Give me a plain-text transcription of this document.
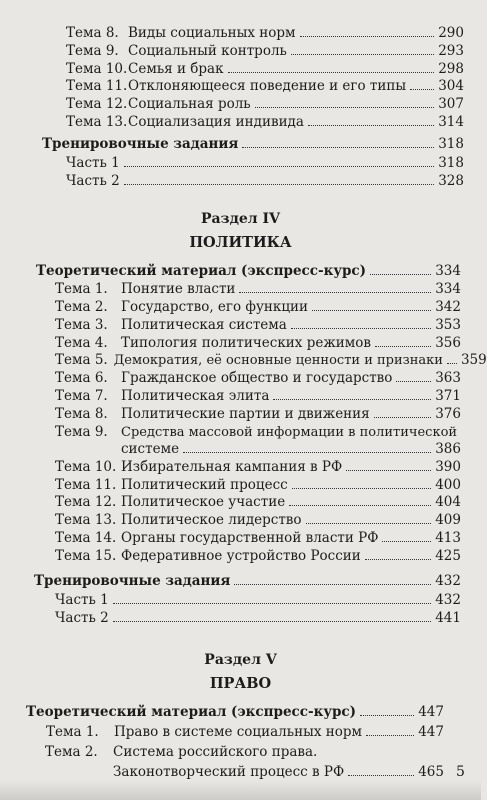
Тема 8. Виды социальных норм	290
Тема 9. Социальный контроль	293
Тема 10. Семья и брак	298
Тема 11. Отклоняющееся поведение и его типы 304
Тема 12. Социальная роль	307
Тема 13. Социализация индивида	314
Тренировочные задания	318
Часть 1	318
Часть 2	328
Раздел IV
ПОЛИТИКА
Теоретический материал (экспресс-курс)	334
Тема 1. Понятие власти	334
Тема 2. Государство, его функции	342
Тема 3. Политическая система	353
Тема 4. Типология политических режимов	356
Тема 5. Демократия, её основные ценности и признаки 359
Тема 6. Гражданское общество и государство	363
Тема 7. Политическая элита	371
Тема 8. Политические партии и движения	376
Тема 9.	Средства массовой информации в политической
системе	386
Тема 10. Избирательная кампания в РФ	390
Тема 11. Политический процесс	400
Тема 12. Политическое участие	404
Тема 13. Политическое лидерство	409
Тема 14. Органы государственной власти РФ	413
Тема 15. Федеративное устройство России	425
Тренировочные задания	432
Часть 1	432
Часть 2	441
Раздел V
ПРАВО
Теоретический материал (экспресс-курс)	447
Тема 1.	Право в системе социальных норм	447
Тема 2.	Система российского права.
Законотворческий процесс в РФ	465 5
